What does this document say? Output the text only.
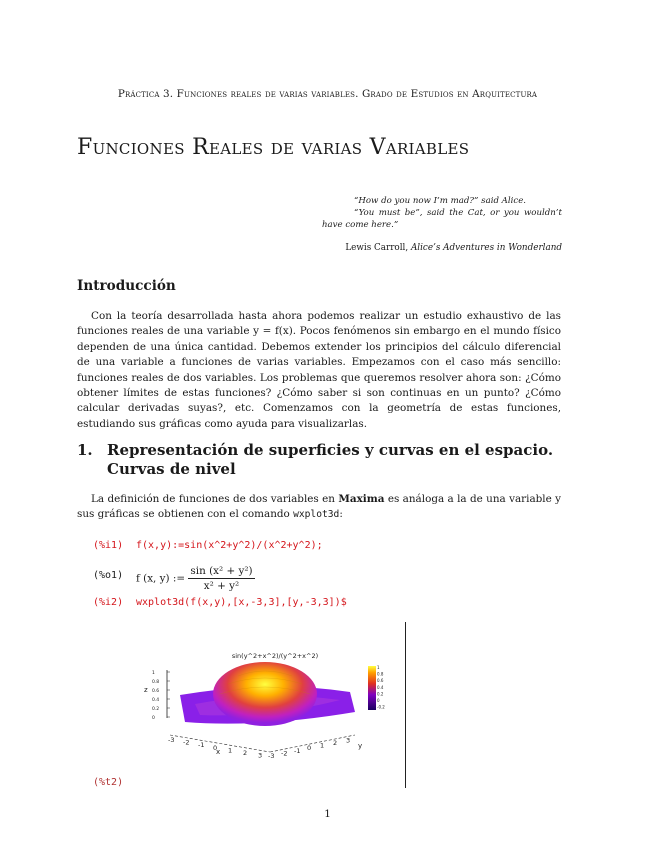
Práctica 3. Funciones reales de varias variables. Grado de Estudios en Arquitectura
Funciones Reales de varias Variables
“How do you now I’m mad?” said Alice.
“You must be”, said the Cat, or you wouldn’t have come here.”
Lewis Carroll, Alice’s Adventures in Wonderland
Introducción
Con la teoría desarrollada hasta ahora podemos realizar un estudio exhaustivo de las funciones reales de una variable y = f(x). Pocos fenómenos sin embargo en el mundo físico dependen de una única cantidad. Debemos extender los principios del cálculo diferencial de una variable a funciones de varias variables. Empezamos con el caso más sencillo: funciones reales de dos variables. Los problemas que queremos resolver ahora son: ¿Cómo obtener límites de estas funciones? ¿Cómo saber si son continuas en un punto? ¿Cómo calcular derivadas suyas?, etc. Comenzamos con la geometría de estas funciones, estudiando sus gráficas como ayuda para visualizarlas.
1. Representación de superficies y curvas en el espacio. Curvas de nivel
La definición de funciones de dos variables en Maxima es análoga a la de una variable y sus gráficas se obtienen con el comando wxplot3d:
(%i1) f(x,y):=sin(x^2+y^2)/(x^2+y^2);
(%o1) f (x, y) := $\frac{\text{sin (x² + y²)}}{\text{x² + y²}}$
(%i2) wxplot3d(f(x,y),[x,-3,3],[y,-3,3])$
sin(y^2+x^2)/(y^2+x^2)
z
1
0.8
0.6
0.4
0.2
0
-3 -2 -1 0 1 2 3 -3 -2 -1 0 1 2 3
x
y
1
0.8
0.6
0.4
0.2
0
-0.2
(%t2)
1
